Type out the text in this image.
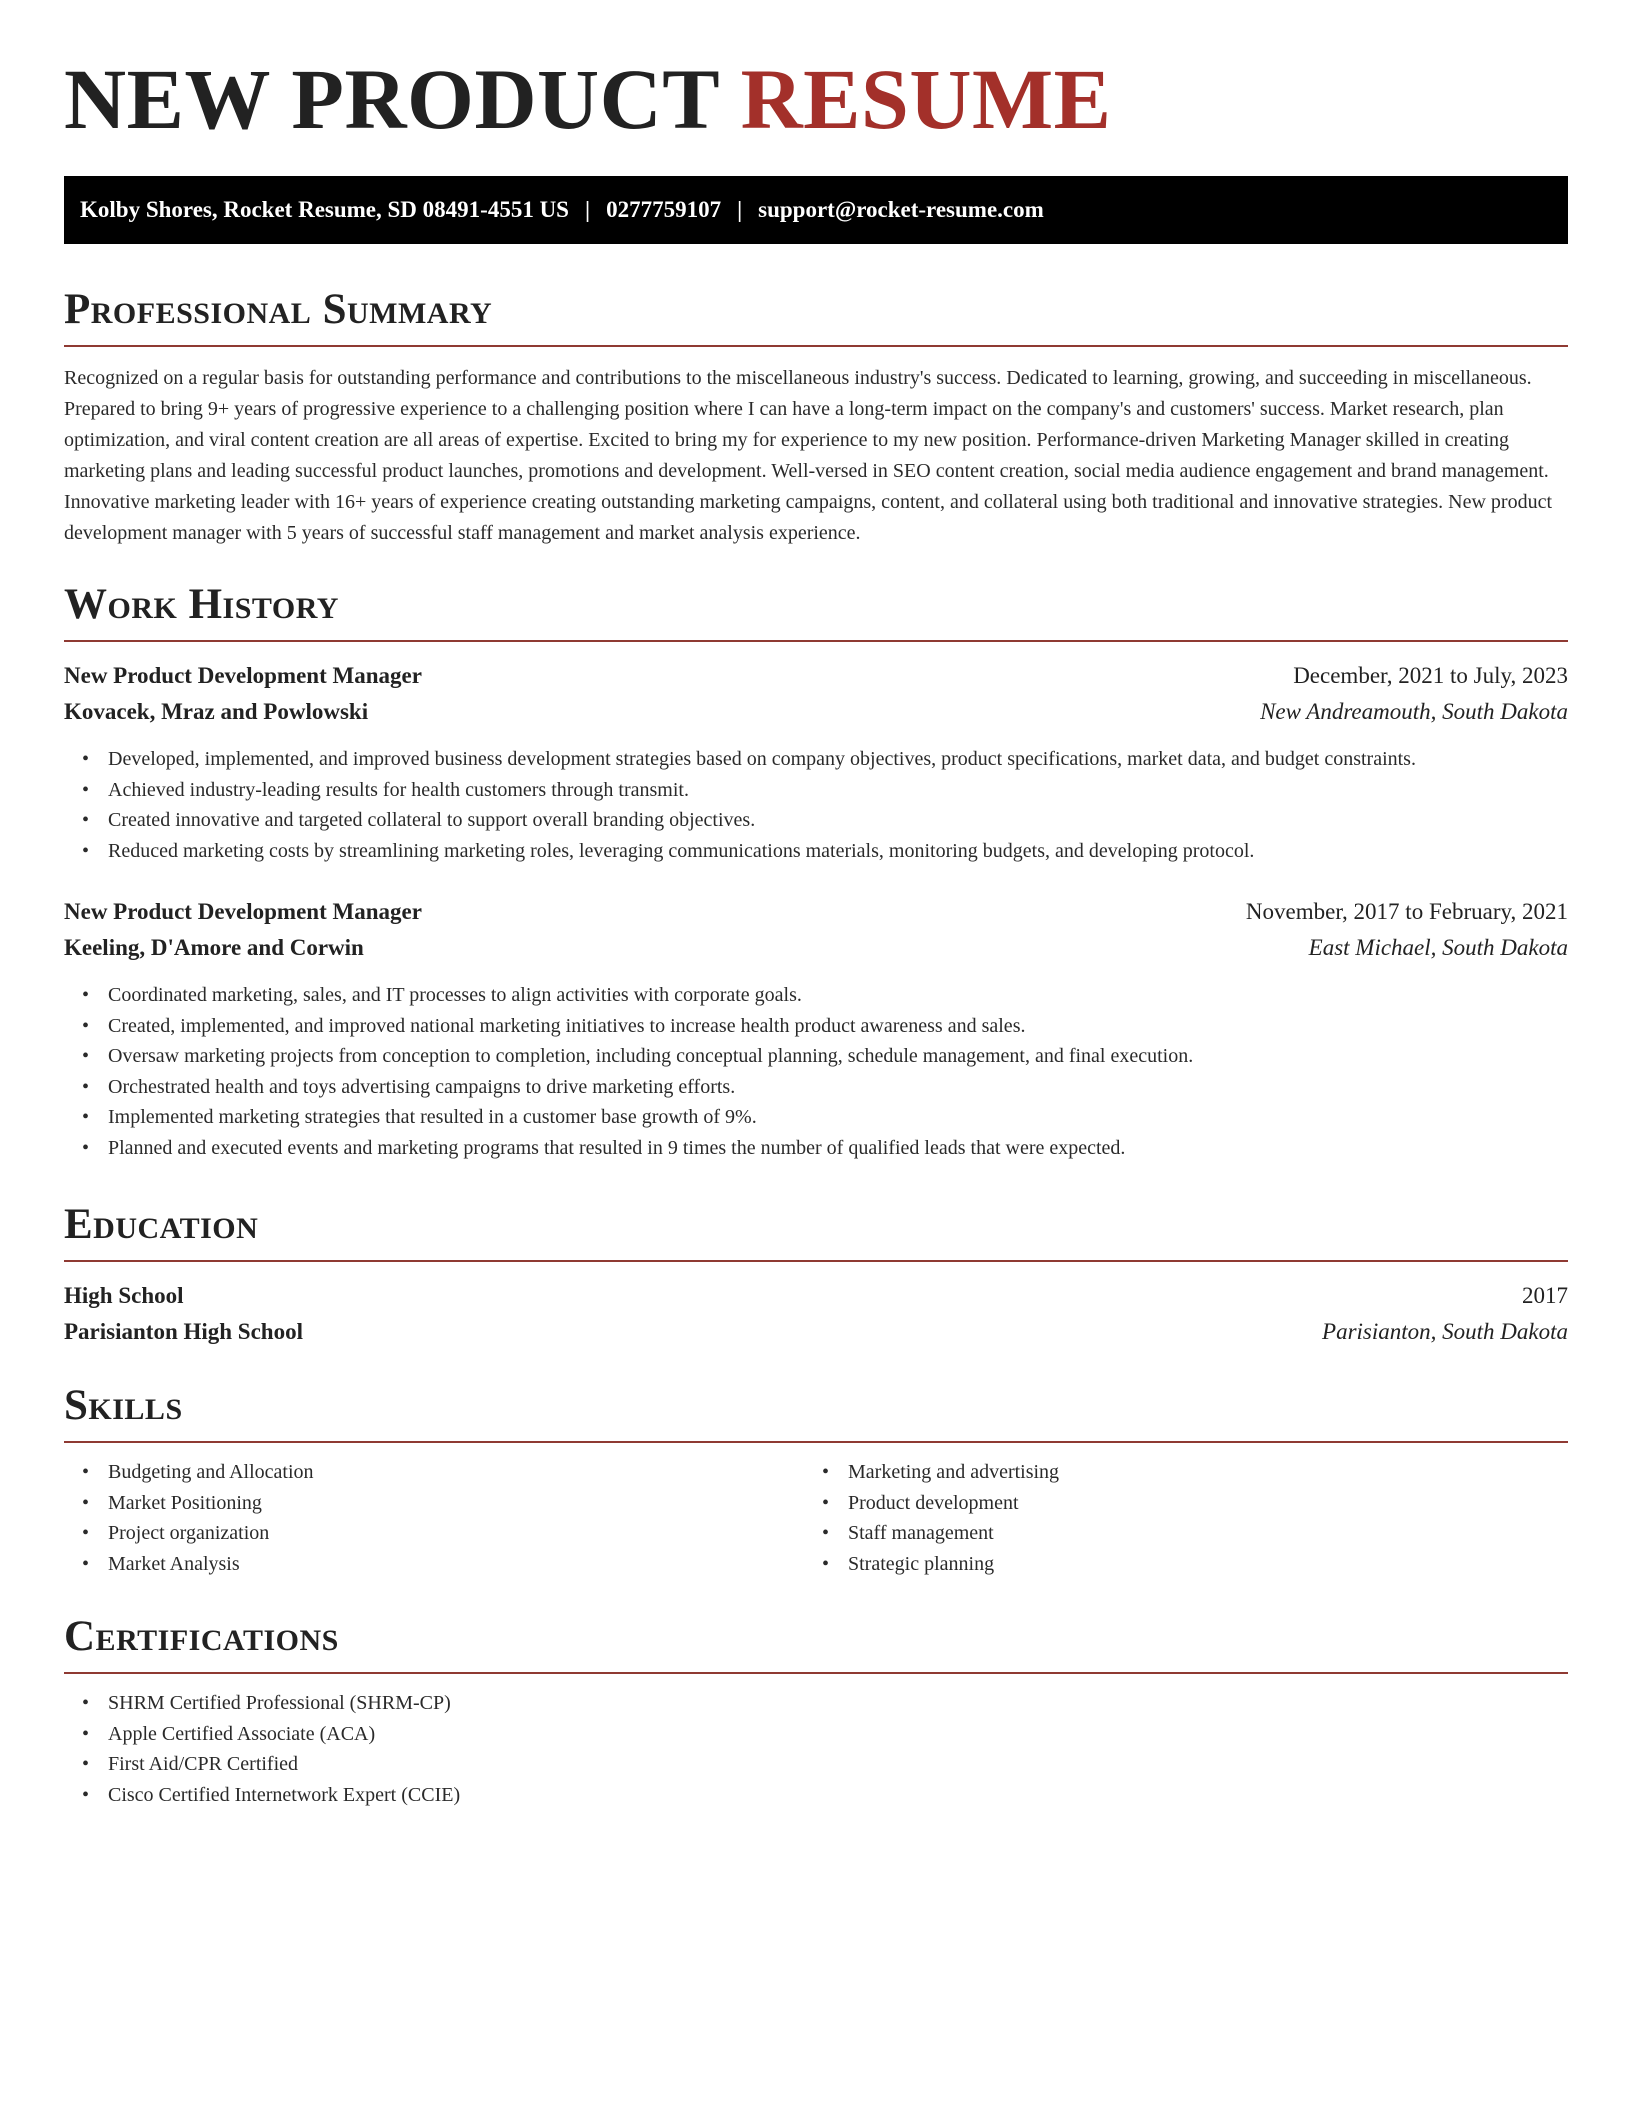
NEW PRODUCT RESUME
Kolby Shores, Rocket Resume, SD 08491-4551 US | 0277759107 | support@rocket-resume.com
Professional Summary

Recognized on a regular basis for outstanding performance and contributions to the miscellaneous industry's success. Dedicated to learning, growing, and succeeding in miscellaneous. Prepared to bring 9+ years of progressive experience to a challenging position where I can have a long-term impact on the company's and customers' success. Market research, plan optimization, and viral content creation are all areas of expertise. Excited to bring my for experience to my new position. Performance-driven Marketing Manager skilled in creating marketing plans and leading successful product launches, promotions and development. Well-versed in SEO content creation, social media audience engagement and brand management. Innovative marketing leader with 16+ years of experience creating outstanding marketing campaigns, content, and collateral using both traditional and innovative strategies. New product development manager with 5 years of successful staff management and market analysis experience.

Work History
New Product Development Manager	December, 2021 to July, 2023
Kovacek, Mraz and Powlowski	New Andreamouth, South Dakota
• Developed, implemented, and improved business development strategies based on company objectives, product specifications, market data, and budget constraints.
• Achieved industry-leading results for health customers through transmit.
• Created innovative and targeted collateral to support overall branding objectives.
• Reduced marketing costs by streamlining marketing roles, leveraging communications materials, monitoring budgets, and developing protocol.
New Product Development Manager	November, 2017 to February, 2021
Keeling, D'Amore and Corwin	East Michael, South Dakota
• Coordinated marketing, sales, and IT processes to align activities with corporate goals.
• Created, implemented, and improved national marketing initiatives to increase health product awareness and sales.
• Oversaw marketing projects from conception to completion, including conceptual planning, schedule management, and final execution.
• Orchestrated health and toys advertising campaigns to drive marketing efforts.
• Implemented marketing strategies that resulted in a customer base growth of 9%.
• Planned and executed events and marketing programs that resulted in 9 times the number of qualified leads that were expected.
Education
High School	2017
Parisianton High School	Parisianton, South Dakota
Skills
• Budgeting and Allocation
• Market Positioning
• Project organization
• Market Analysis
• Marketing and advertising
• Product development
• Staff management
• Strategic planning
Certifications
• SHRM Certified Professional (SHRM-CP)
• Apple Certified Associate (ACA)
• First Aid/CPR Certified
• Cisco Certified Internetwork Expert (CCIE)
